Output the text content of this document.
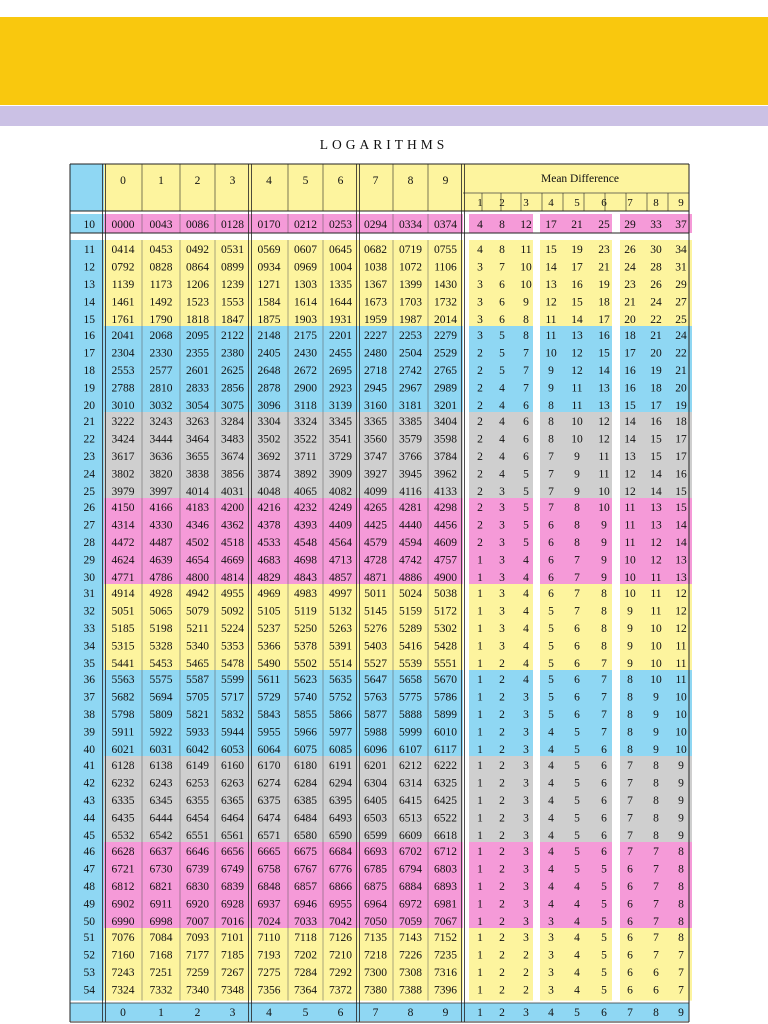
LOGARITHMS
0	1	2	3	4	5	6	7	8	9	Mean Difference
1 2 3 4 5 6 7 8 9
10 0000 0043 0086 0128 0170 0212 0253 0294 0334 0374 4 8 12 17 21 25 29 33 37
11 0414 0453 0492 0531 0569 0607 0645 0682 0719 0755 4 8 11 15 19 23 26 30 34
12 0792 0828 0864 0899 0934 0969 1004 1038 1072 1106 3 7 10 14 17 21 24 28 31
13 1139 1173 1206 1239 1271 1303 1335 1367 1399 1430 3 6 10 13 16 19 23 26 29
14 1461 1492 1523 1553 1584 1614 1644 1673 1703 1732 3 6 9 12 15 18 21 24 27
15 1761 1790 1818 1847 1875 1903 1931 1959 1987 2014 3 6 8 11 14 17 20 22 25
16 2041 2068 2095 2122 2148 2175 2201 2227 2253 2279 3 5 8 11 13 16 18 21 24
17 2304 2330 2355 2380 2405 2430 2455 2480 2504 2529 2 5 7 10 12 15 17 20 22
18 2553 2577 2601 2625 2648 2672 2695 2718 2742 2765 2 5 7 9 12 14 16 19 21
19 2788 2810 2833 2856 2878 2900 2923 2945 2967 2989 2 4 7 9 11 13 16 18 20
20 3010 3032 3054 3075 3096 3118 3139 3160 3181 3201 2 4 6 8 11 13 15 17 19
21 3222 3243 3263 3284 3304 3324 3345 3365 3385 3404 2 4 6 8 10 12 14 16 18
22 3424 3444 3464 3483 3502 3522 3541 3560 3579 3598 2 4 6 8 10 12 14 15 17
23 3617 3636 3655 3674 3692 3711 3729 3747 3766 3784 2 4 6 7 9 11 13 15 17
24 3802 3820 3838 3856 3874 3892 3909 3927 3945 3962 2 4 5 7 9 11 12 14 16
25 3979 3997 4014 4031 4048 4065 4082 4099 4116 4133 2 3 5 7 9 10 12 14 15
26 4150 4166 4183 4200 4216 4232 4249 4265 4281 4298 2 3 5 7 8 10 11 13 15
27 4314 4330 4346 4362 4378 4393 4409 4425 4440 4456 2 3 5 6 8 9 11 13 14
28 4472 4487 4502 4518 4533 4548 4564 4579 4594 4609 2 3 5 6 8 9 11 12 14
29 4624 4639 4654 4669 4683 4698 4713 4728 4742 4757 1 3 4 6 7 9 10 12 13
30 4771 4786 4800 4814 4829 4843 4857 4871 4886 4900 1 3 4 6 7 9 10 11 13
31 4914 4928 4942 4955 4969 4983 4997 5011 5024 5038 1 3 4 6 7 8 10 11 12
32 5051 5065 5079 5092 5105 5119 5132 5145 5159 5172 1 3 4 5 7 8 9 11 12
33 5185 5198 5211 5224 5237 5250 5263 5276 5289 5302 1 3 4 5 6 8 9 10 12
34 5315 5328 5340 5353 5366 5378 5391 5403 5416 5428 1 3 4 5 6 8 9 10 11
35 5441 5453 5465 5478 5490 5502 5514 5527 5539 5551 1 2 4 5 6 7 9 10 11
36 5563 5575 5587 5599 5611 5623 5635 5647 5658 5670 1 2 4 5 6 7 8 10 11
37 5682 5694 5705 5717 5729 5740 5752 5763 5775 5786 1 2 3 5 6 7 8 9 10
38 5798 5809 5821 5832 5843 5855 5866 5877 5888 5899 1 2 3 5 6 7 8 9 10
39 5911 5922 5933 5944 5955 5966 5977 5988 5999 6010 1 2 3 4 5 7 8 9 10
40 6021 6031 6042 6053 6064 6075 6085 6096 6107 6117 1 2 3 4 5 6 8 9 10
41 6128 6138 6149 6160 6170 6180 6191 6201 6212 6222 1 2 3 4 5 6 7 8 9
42 6232 6243 6253 6263 6274 6284 6294 6304 6314 6325 1 2 3 4 5 6 7 8 9
43 6335 6345 6355 6365 6375 6385 6395 6405 6415 6425 1 2 3 4 5 6 7 8 9
44 6435 6444 6454 6464 6474 6484 6493 6503 6513 6522 1 2 3 4 5 6 7 8 9
45 6532 6542 6551 6561 6571 6580 6590 6599 6609 6618 1 2 3 4 5 6 7 8 9
46 6628 6637 6646 6656 6665 6675 6684 6693 6702 6712 1 2 3 4 5 6 7 7 8
47 6721 6730 6739 6749 6758 6767 6776 6785 6794 6803 1 2 3 4 5 5 6 7 8
48 6812 6821 6830 6839 6848 6857 6866 6875 6884 6893 1 2 3 4 4 5 6 7 8
49 6902 6911 6920 6928 6937 6946 6955 6964 6972 6981 1 2 3 4 4 5 6 7 8
50 6990 6998 7007 7016 7024 7033 7042 7050 7059 7067 1 2 3 3 4 5 6 7 8
51 7076 7084 7093 7101 7110 7118 7126 7135 7143 7152 1 2 3 3 4 5 6 7 8
52 7160 7168 7177 7185 7193 7202 7210 7218 7226 7235 1 2 2 3 4 5 6 7 7
53 7243 7251 7259 7267 7275 7284 7292 7300 7308 7316 1 2 2 3 4 5 6 6 7
54 7324 7332 7340 7348 7356 7364 7372 7380 7388 7396 1 2 2 3 4 5 6 6 7
0	1	2	3	4	5	6	7	8	9	1 2 3 4 5 6 7 8 9
